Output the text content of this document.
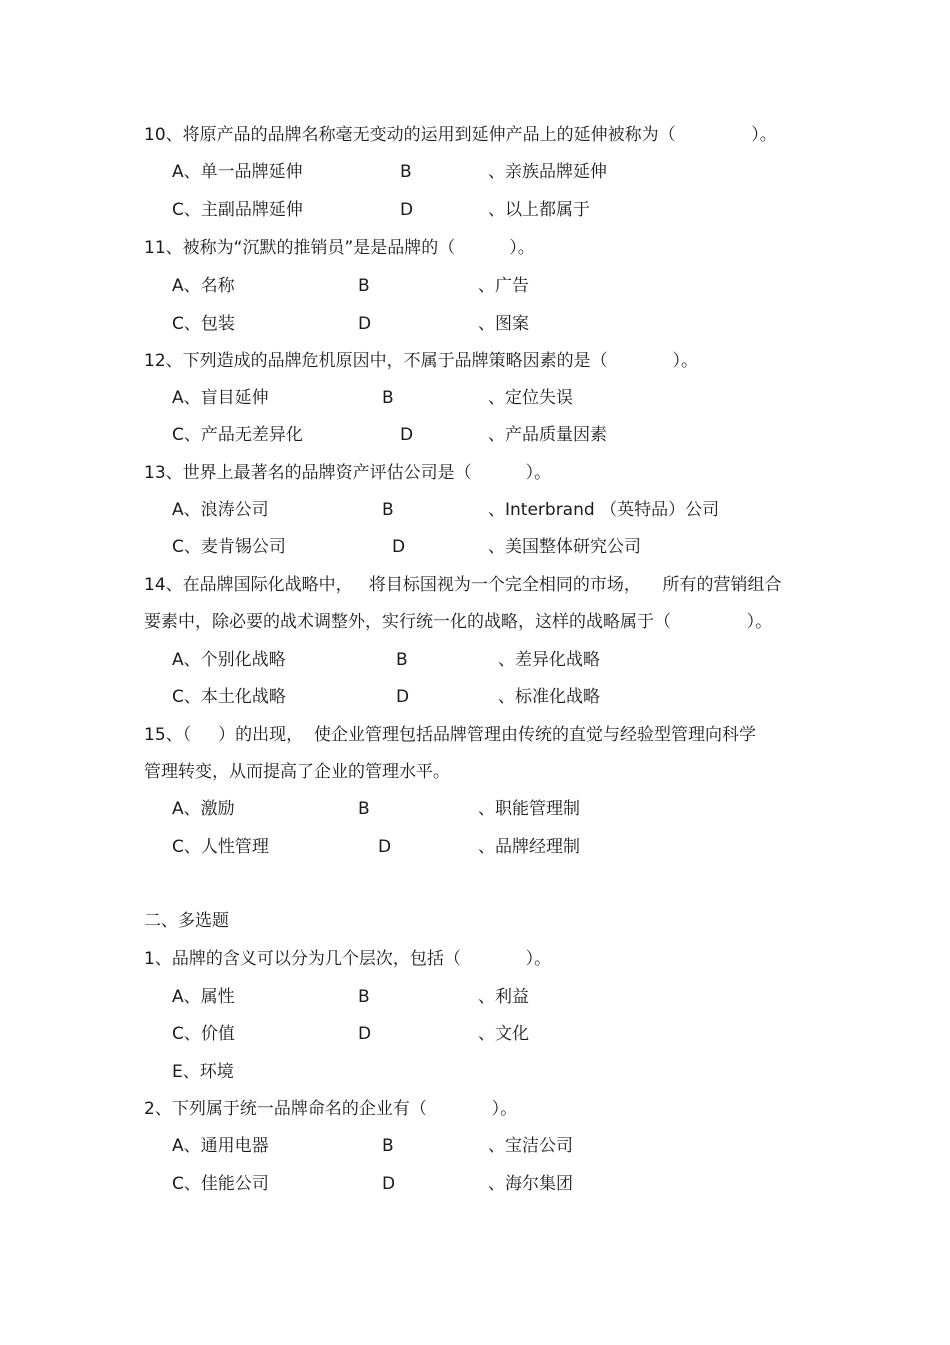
10、将原产品的品牌名称毫无变动的运用到延伸产品上的延伸被称为（              ）。
A、单一品牌延伸	B	、亲族品牌延伸
C、主副品牌延伸	D	、以上都属于
11、被称为“沉默的推销员”是是品牌的（          ）。
A、名称	B	、广告
C、包装	D	、图案
12、下列造成的品牌危机原因中，不属于品牌策略因素的是（            ）。
A、盲目延伸	B	、定位失误
C、产品无差异化	D	、产品质量因素
13、世界上最著名的品牌资产评估公司是（          ）。
A、浪涛公司	B	、Interbrand （英特品）公司
C、麦肯锡公司	D	、美国整体研究公司
14、在品牌国际化战略中，   将目标国视为一个完全相同的市场，    所有的营销组合
要素中，除必要的战术调整外，实行统一化的战略，这样的战略属于（              ）。
A、个别化战略	B	、差异化战略
C、本土化战略	D	、标准化战略
15、（     ）的出现，  使企业管理包括品牌管理由传统的直觉与经验型管理向科学
管理转变，从而提高了企业的管理水平。
A、激励	B	、职能管理制
C、人性管理	D	、品牌经理制
二、多选题
1、品牌的含义可以分为几个层次，包括（            ）。
A、属性	B	、利益
C、价值	D	、文化
E、环境
2、下列属于统一品牌命名的企业有（            ）。
A、通用电器	B	、宝洁公司
C、佳能公司	D	、海尔集团
